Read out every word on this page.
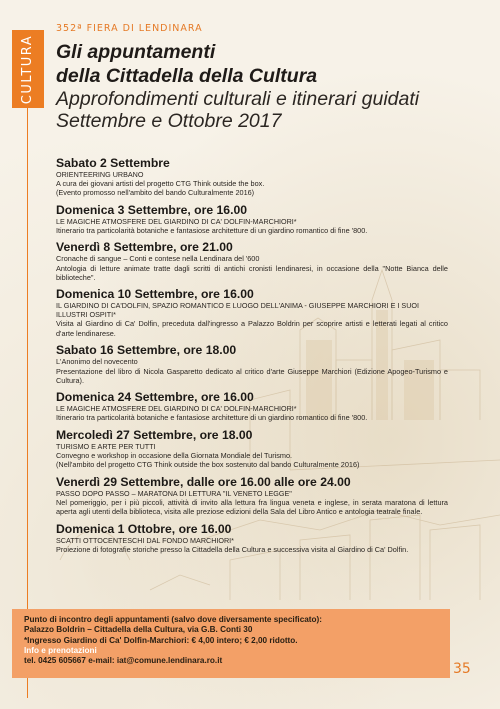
CULTURA
352ª FIERA DI LENDINARA
Gli appuntamenti
della Cittadella della Cultura
Approfondimenti culturali e itinerari guidati
Settembre e Ottobre 2017
Sabato 2 Settembre
ORIENTEERING URBANO
A cura dei giovani artisti del progetto CTG Think outside the box.
(Evento promosso nell'ambito del bando Culturalmente 2016)
Domenica 3 Settembre, ore 16.00
LE MAGICHE ATMOSFERE DEL GIARDINO DI CA' DOLFIN-MARCHIORI*
Itinerario tra particolarità botaniche e fantasiose architetture di un giardino romantico di fine '800.
Venerdì 8 Settembre, ore 21.00
Cronache di sangue – Conti e contese nella Lendinara del '600
Antologia di letture animate tratte dagli scritti di antichi cronisti lendinaresi, in occasione della "Notte Bianca delle biblioteche".
Domenica 10 Settembre, ore 16.00
IL GIARDINO DI CA'DOLFIN, SPAZIO ROMANTICO E LUOGO DELL'ANIMA - GIUSEPPE MARCHIORI E I SUOI ILLUSTRI OSPITI*
Visita al Giardino di Ca' Dolfin, preceduta dall'ingresso a Palazzo Boldrin per scoprire artisti e letterati legati al critico d'arte lendinarese.
Sabato 16 Settembre, ore 18.00
L'Anonimo del novecento
Presentazione del libro di Nicola Gasparetto dedicato al critico d'arte Giuseppe Marchiori (Edizione Apogeo-Turismo e Cultura).
Domenica 24 Settembre, ore 16.00
LE MAGICHE ATMOSFERE DEL GIARDINO DI CA' DOLFIN-MARCHIORI*
Itinerario tra particolarità botaniche e fantasiose architetture di un giardino romantico di fine '800.
Mercoledì 27 Settembre, ore 18.00
TURISMO E ARTE PER TUTTI
Convegno e workshop in occasione della Giornata Mondiale del Turismo.
(Nell'ambito del progetto CTG Think outside the box sostenuto dal bando Culturalmente 2016)
Venerdì 29 Settembre, dalle ore 16.00 alle ore 24.00
PASSO DOPO PASSO – MARATONA DI LETTURA "IL VENETO LEGGE"
Nel pomeriggio, per i più piccoli, attività di invito alla lettura fra lingua veneta e inglese, in serata maratona di lettura aperta agli utenti della biblioteca, visita alle preziose edizioni della Sala del Libro Antico e antologia teatrale finale.
Domenica 1 Ottobre, ore 16.00
SCATTI OTTOCENTESCHI DAL FONDO MARCHIORI*
Proiezione di fotografie storiche presso la Cittadella della Cultura e successiva visita al Giardino di Ca' Dolfin.
Punto di incontro degli appuntamenti (salvo dove diversamente specificato):
Palazzo Boldrin – Cittadella della Cultura, via G.B. Conti 30
*Ingresso Giardino di Ca' Dolfin-Marchiori: € 4,00 intero; € 2,00 ridotto.
Info e prenotazioni
tel. 0425 605667 e-mail: iat@comune.lendinara.ro.it
35
